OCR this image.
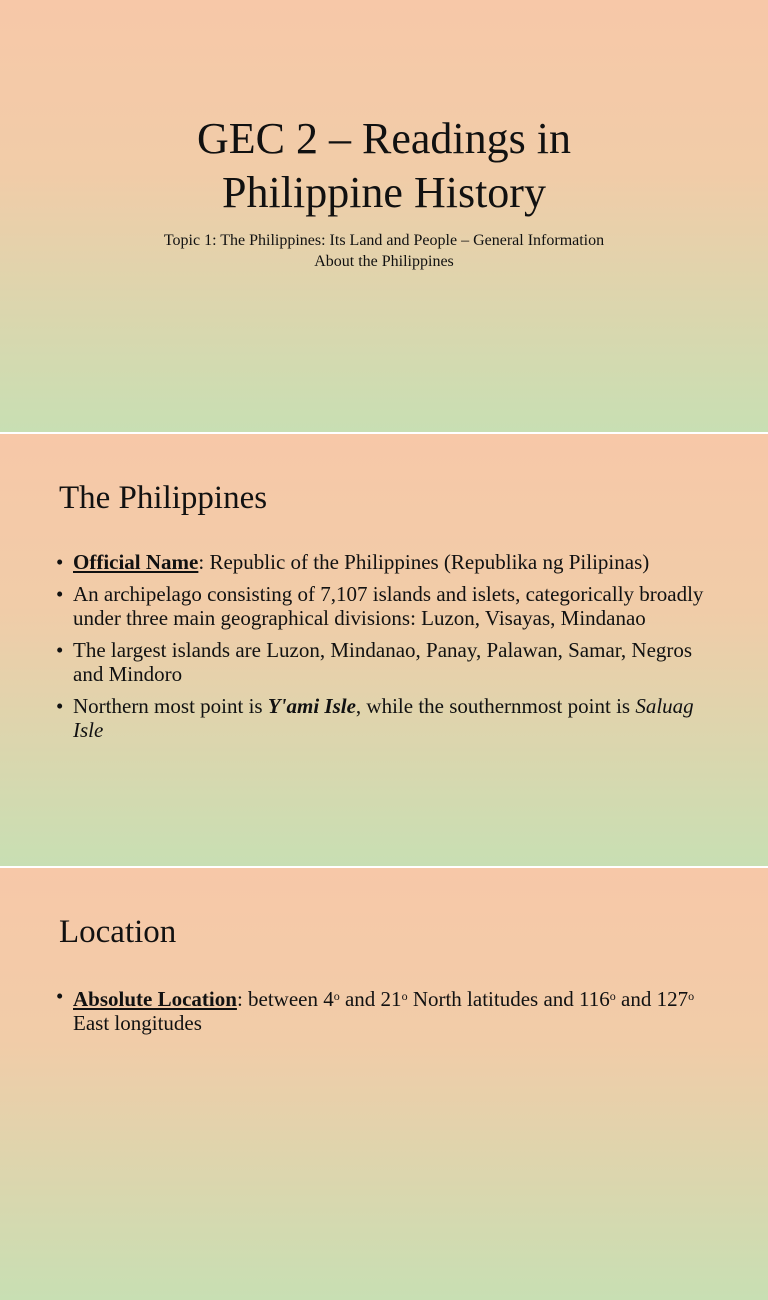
GEC 2 – Readings in
Philippine History
Topic 1: The Philippines: Its Land and People – General Information
About the Philippines
The Philippines
• Official Name: Republic of the Philippines (Republika ng Pilipinas)
• An archipelago consisting of 7,107 islands and islets, categorically broadly under three main geographical divisions: Luzon, Visayas, Mindanao
• The largest islands are Luzon, Mindanao, Panay, Palawan, Samar, Negros and Mindoro
• Northern most point is Y'ami Isle, while the southernmost point is Saluag Isle
Location
• Absolute Location: between 4$^o$ and 21$^o$ North latitudes and 116$^o$ and 127$^o$ East longitudes
